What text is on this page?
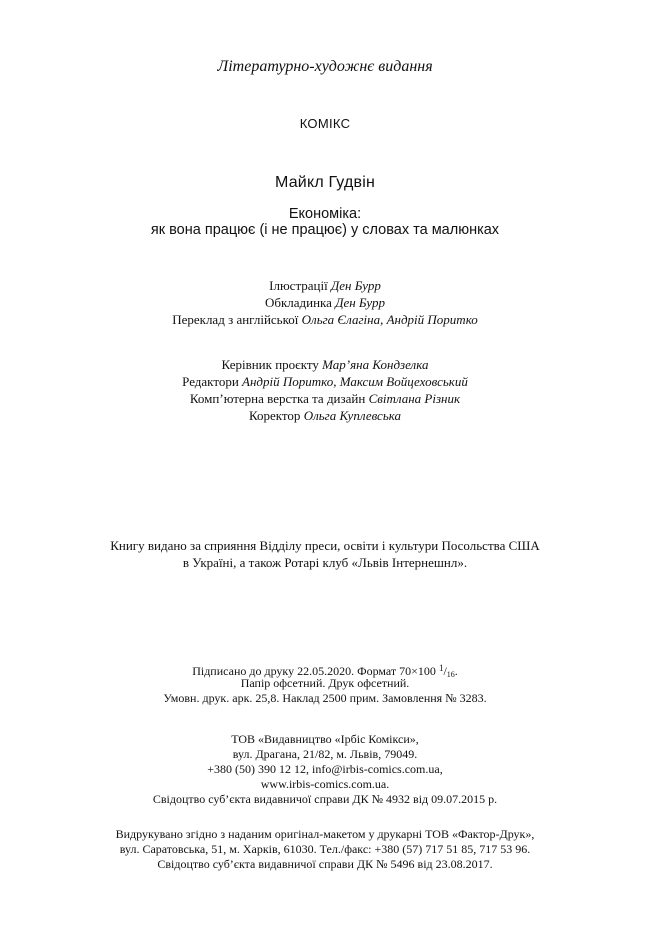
Літературно-художнє видання
КОМІКС
Майкл Гудвін
Економіка:
як вона працює (і не працює) у словах та малюнках
Ілюстрації Ден Бурр
Обкладинка Ден Бурр
Переклад з англійської Ольга Єлагіна, Андрій Поритко
Керівник проєкту Мар’яна Кондзелка
Редактори Андрій Поритко, Максим Войцеховський
Комп’ютерна верстка та дизайн Світлана Різник
Коректор Ольга Куплевська
Книгу видано за сприяння Відділу преси, освіти і культури Посольства США
в Україні, а також Ротарі клуб «Львів Інтернешнл».
Підписано до друку 22.05.2020. Формат 70×100 $^1/_{16}$.
Папір офсетний. Друк офсетний.
Умовн. друк. арк. 25,8. Наклад 2500 прим. Замовлення № 3283.
ТОВ «Видавництво «Ірбіс Комікси»,
вул. Драгана, 21/82, м. Львів, 79049.
+380 (50) 390 12 12, info@irbis-comics.com.ua,
www.irbis-comics.com.ua.
Свідоцтво суб’єкта видавничої справи ДК № 4932 від 09.07.2015 р.
Видрукувано згідно з наданим оригінал-макетом у друкарні ТОВ «Фактор-Друк»,
вул. Саратовська, 51, м. Харків, 61030. Тел./факс: +380 (57) 717 51 85, 717 53 96.
Свідоцтво суб’єкта видавничої справи ДК № 5496 від 23.08.2017.
